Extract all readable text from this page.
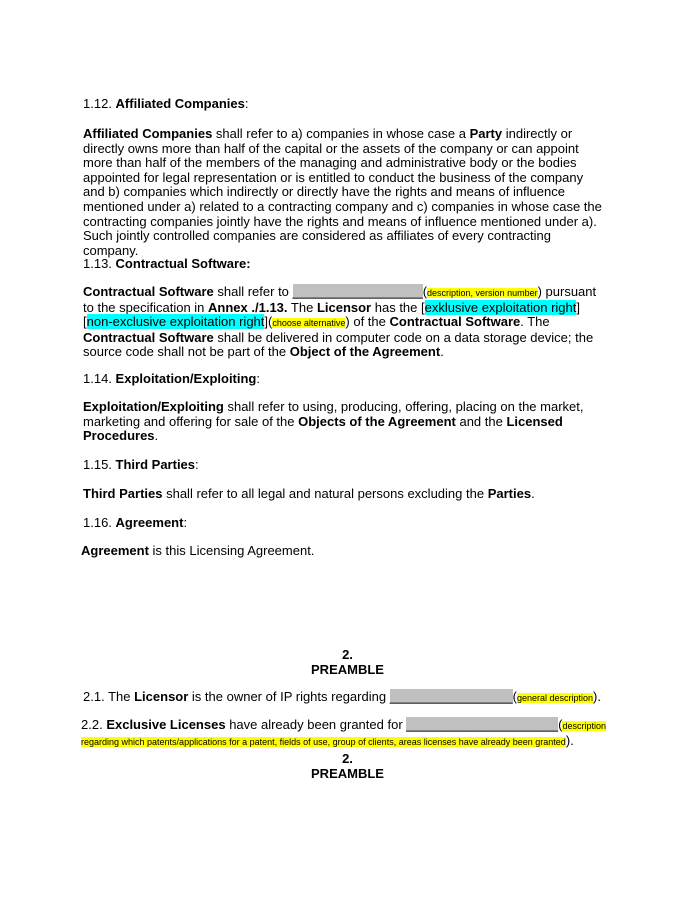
1.12. Affiliated Companies:
Affiliated Companies shall refer to a) companies in whose case a Party indirectly or directly owns more than half of the capital or the assets of the company or can appoint more than half of the members of the managing and administrative body or the bodies appointed for legal representation or is entitled to conduct the business of the company and b) companies which indirectly or directly have the rights and means of influence mentioned under a) related to a contracting company and c) companies in whose case the contracting companies jointly have the rights and means of influence mentioned under a). Such jointly controlled companies are considered as affiliates of every contracting company.
1.13. Contractual Software:
Contractual Software shall refer to __________________(description, version number) pursuant to the specification in Annex ./1.13. The Licensor has the [exklusive exploitation right] [non-exclusive exploitation right](choose alternative) of the Contractual Software. The Contractual Software shall be delivered in computer code on a data storage device; the source code shall not be part of the Object of the Agreement.
1.14. Exploitation/Exploiting:
Exploitation/Exploiting shall refer to using, producing, offering, placing on the market, marketing and offering for sale of the Objects of the Agreement and the Licensed Procedures.
1.15. Third Parties:
Third Parties shall refer to all legal and natural persons excluding the Parties.
1.16. Agreement:
Agreement is this Licensing Agreement.
2.
PREAMBLE
2.1. The Licensor is the owner of IP rights regarding _________________(general description).
2.2. Exclusive Licenses have already been granted for _____________________(description regarding which patents/applications for a patent, fields of use, group of clients, areas licenses have already been granted).
2.
PREAMBLE
